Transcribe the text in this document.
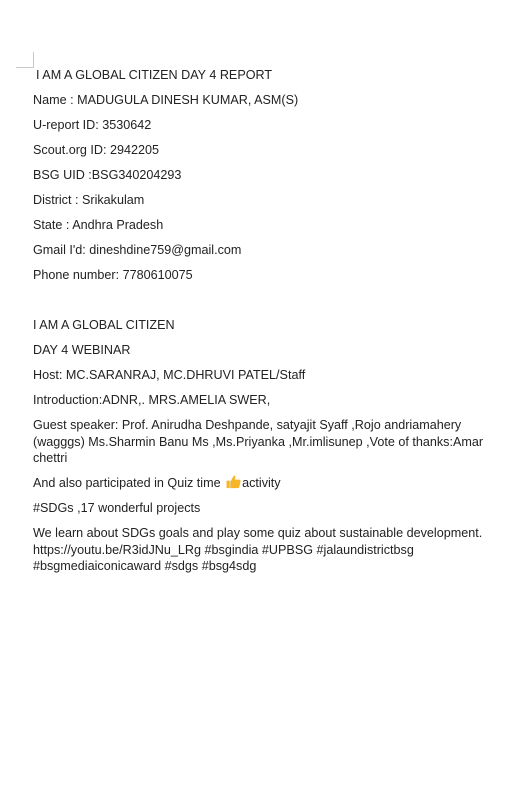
I AM A GLOBAL CITIZEN DAY 4 REPORT

Name : MADUGULA DINESH KUMAR, ASM(S)

U-report ID: 3530642

Scout.org ID: 2942205

BSG UID :BSG340204293

District : Srikakulam

State : Andhra Pradesh

Gmail I'd: dineshdine759@gmail.com

Phone number: 7780610075

I AM A GLOBAL CITIZEN

DAY 4 WEBINAR

Host: MC.SARANRAJ, MC.DHRUVI PATEL/Staff

Introduction:ADNR,. MRS.AMELIA SWER,

Guest speaker: Prof. Anirudha Deshpande, satyajit Syaff ,Rojo andriamahery (wagggs) Ms.Sharmin Banu Ms ,Ms.Priyanka ,Mr.imlisunep ,Vote of thanks:Amar chettri

And also participated in Quiz time activity

#SDGs ,17 wonderful projects

We learn about SDGs goals and play some quiz about sustainable development. https://youtu.be/R3idJNu_LRg #bsgindia #UPBSG #jalaundistrictbsg #bsgmediaiconicaward #sdgs #bsg4sdg
